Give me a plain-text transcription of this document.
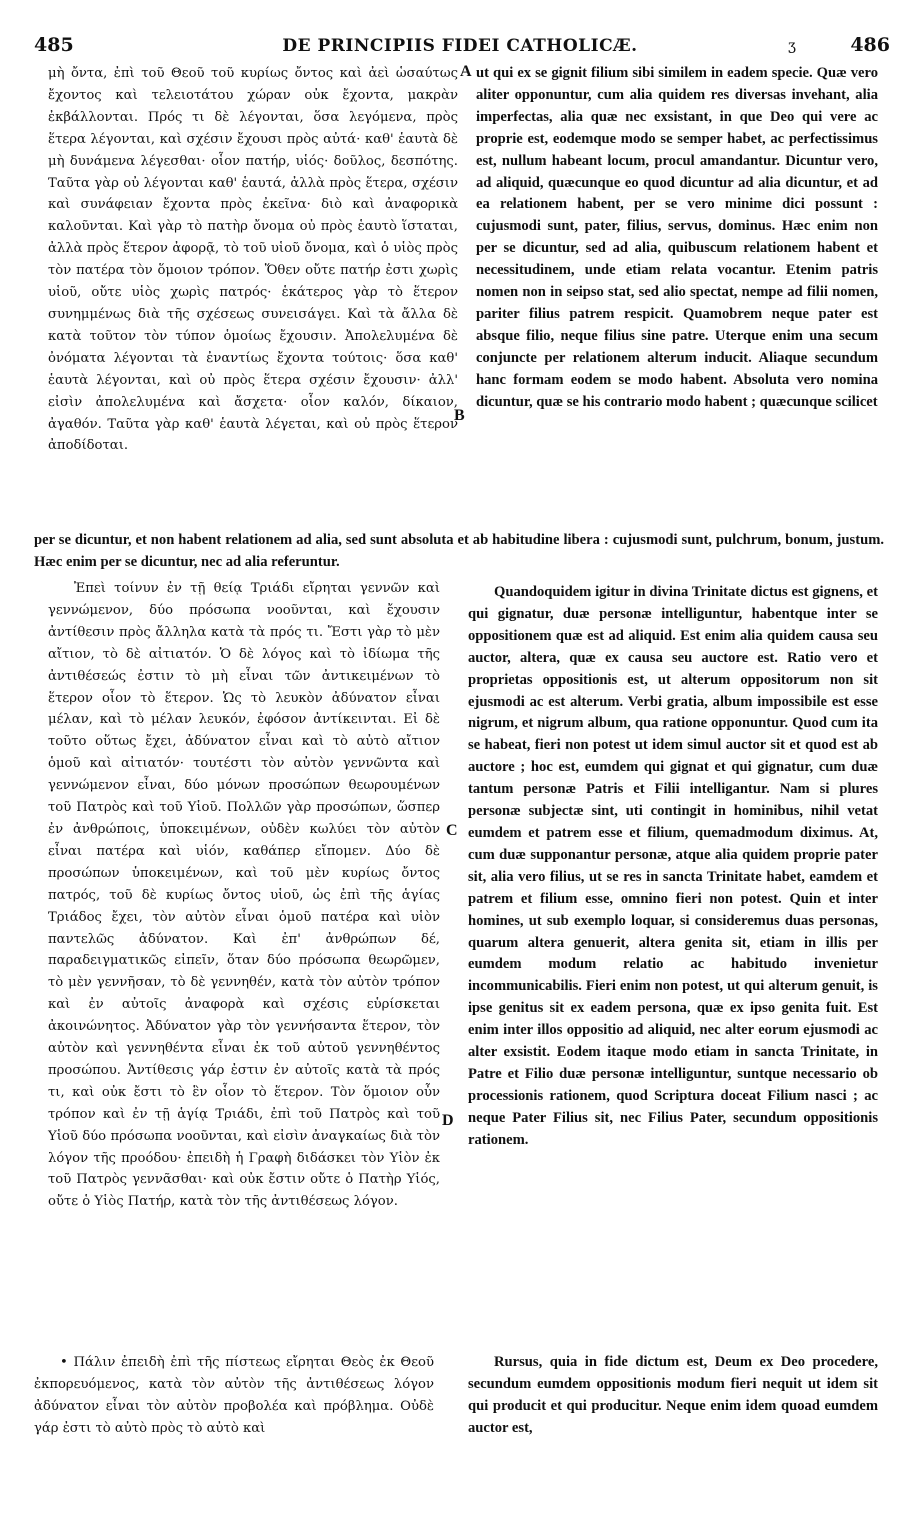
485	DE PRINCIPIIS FIDEI CATHOLICÆ.	486
ʒ

μὴ ὄντα, ἐπὶ τοῦ Θεοῦ τοῦ κυρίως ὄντος καὶ ἀεὶ ὡσαύτως ἔχοντος καὶ τελειοτάτου χώραν οὐκ ἔχοντα, μακρὰν ἐκβάλλονται. Πρός τι δὲ λέγονται, ὅσα λεγόμενα, πρὸς ἕτερα λέγονται, καὶ σχέσιν ἔχουσι πρὸς αὐτά· καθ' ἑαυτὰ δὲ μὴ δυνάμενα λέγεσθαι· οἷον πατήρ, υἱός· δοῦλος, δεσπότης. Ταῦτα γὰρ οὐ λέγονται καθ' ἑαυτά, ἀλλὰ πρὸς ἕτερα, σχέσιν καὶ συνάφειαν ἔχοντα πρὸς ἐκεῖνα· διὸ καὶ ἀναφορικὰ καλοῦνται. Καὶ γὰρ τὸ πατὴρ ὄνομα οὐ πρὸς ἑαυτὸ ἵσταται, ἀλλὰ πρὸς ἕτερον ἀφορᾷ, τὸ τοῦ υἱοῦ ὄνομα, καὶ ὁ υἱὸς πρὸς τὸν πατέρα τὸν ὅμοιον τρόπον. Ὅθεν οὔτε πατήρ ἐστι χωρὶς υἱοῦ, οὔτε υἱὸς χωρὶς πατρός· ἑκάτερος γὰρ τὸ ἕτερον συνημμένως διὰ τῆς σχέσεως συνεισάγει. Καὶ τὰ ἄλλα δὲ κατὰ τοῦτον τὸν τύπον ὁμοίως ἔχουσιν. Ἀπολελυμένα δὲ ὀνόματα λέγονται τὰ ἐναντίως ἔχοντα τούτοις· ὅσα καθ' ἑαυτὰ λέγονται, καὶ οὐ πρὸς ἕτερα σχέσιν ἔχουσιν· ἀλλ' εἰσὶν ἀπολελυμένα καὶ ἄσχετα· οἷον καλόν, δίκαιον, ἀγαθόν. Ταῦτα γὰρ καθ' ἑαυτὰ λέγεται, καὶ οὐ πρὸς ἕτερον ἀποδίδοται.

A
B

ut qui ex se gignit filium sibi similem in eadem specie. Quæ vero aliter opponuntur, cum alia quidem res diversas invehant, alia imperfectas, alia quæ nec exsistant, in que Deo qui vere ac proprie est, eodemque modo se semper habet, ac perfectissimus est, nullum habeant locum, procul amandantur. Dicuntur vero, ad aliquid, quæcunque eo quod dicuntur ad alia dicuntur, et ad ea relationem habent, per se vero minime dici possunt : cujusmodi sunt, pater, filius, servus, dominus. Hæc enim non per se dicuntur, sed ad alia, quibuscum relationem habent et necessitudinem, unde etiam relata vocantur. Etenim patris nomen non in seipso stat, sed alio spectat, nempe ad filii nomen, pariter filius patrem respicit. Quamobrem neque pater est absque filio, neque filius sine patre. Uterque enim una secum conjuncte per relationem alterum inducit. Aliaque secundum hanc formam eodem se modo habent. Absoluta vero nomina dicuntur, quæ se his contrario modo habent ; quæcunque scilicet

per se dicuntur, et non habent relationem ad alia, sed sunt absoluta et ab habitudine libera : cujusmodi sunt, pulchrum, bonum, justum. Hæc enim per se dicuntur, nec ad alia referuntur.

Ἐπεὶ τοίνυν ἐν τῇ θείᾳ Τριάδι εἴρηται γεννῶν καὶ γεννώμενον, δύο πρόσωπα νοοῦνται, καὶ ἔχουσιν ἀντίθεσιν πρὸς ἄλληλα κατὰ τὰ πρός τι. Ἔστι γὰρ τὸ μὲν αἴτιον, τὸ δὲ αἰτιατόν. Ὁ δὲ λόγος καὶ τὸ ἰδίωμα τῆς ἀντιθέσεώς ἐστιν τὸ μὴ εἶναι τῶν ἀντικειμένων τὸ ἕτερον οἷον τὸ ἕτερον. Ὡς τὸ λευκὸν ἀδύνατον εἶναι μέλαν, καὶ τὸ μέλαν λευκόν, ἐφόσον ἀντίκεινται. Εἰ δὲ τοῦτο οὕτως ἔχει, ἀδύνατον εἶναι καὶ τὸ αὐτὸ αἴτιον ὁμοῦ καὶ αἰτιατόν· τουτέστι τὸν αὐτὸν γεννῶντα καὶ γεννώμενον εἶναι, δύο μόνων προσώπων θεωρουμένων τοῦ Πατρὸς καὶ τοῦ Υἱοῦ. Πολλῶν γὰρ προσώπων, ὥσπερ ἐν ἀνθρώποις, ὑποκειμένων, οὐδὲν κωλύει τὸν αὐτὸν εἶναι πατέρα καὶ υἱόν, καθάπερ εἴπομεν. Δύο δὲ προσώπων ὑποκειμένων, καὶ τοῦ μὲν κυρίως ὄντος πατρός, τοῦ δὲ κυρίως ὄντος υἱοῦ, ὡς ἐπὶ τῆς ἁγίας Τριάδος ἔχει, τὸν αὐτὸν εἶναι ὁμοῦ πατέρα καὶ υἱὸν παντελῶς ἀδύνατον. Καὶ ἐπ' ἀνθρώπων δέ, παραδειγματικῶς εἰπεῖν, ὅταν δύο πρόσωπα θεωρῶμεν, τὸ μὲν γεννῆσαν, τὸ δὲ γεννηθέν, κατὰ τὸν αὐτὸν τρόπον καὶ ἐν αὐτοῖς ἀναφορὰ καὶ σχέσις εὑρίσκεται ἀκοινώνητος. Ἀδύνατον γὰρ τὸν γεννήσαντα ἕτερον, τὸν αὐτὸν καὶ γεννηθέντα εἶναι ἐκ τοῦ αὐτοῦ γεννηθέντος προσώπου. Ἀντίθεσις γάρ ἐστιν ἐν αὐτοῖς κατὰ τὰ πρός τι, καὶ οὐκ ἔστι τὸ ἓν οἷον τὸ ἕτερον. Τὸν ὅμοιον οὖν τρόπον καὶ ἐν τῇ ἁγίᾳ Τριάδι, ἐπὶ τοῦ Πατρὸς καὶ τοῦ Υἱοῦ δύο πρόσωπα νοοῦνται, καὶ εἰσὶν ἀναγκαίως διὰ τὸν λόγον τῆς προόδου· ἐπειδὴ ἡ Γραφὴ διδάσκει τὸν Υἱὸν ἐκ τοῦ Πατρὸς γεννᾶσθαι· καὶ οὐκ ἔστιν οὔτε ὁ Πατὴρ Υἱός, οὔτε ὁ Υἱὸς Πατήρ, κατὰ τὸν τῆς ἀντιθέσεως λόγον.

C
D

Quandoquidem igitur in divina Trinitate dictus est gignens, et qui gignatur, duæ personæ intelliguntur, habentque inter se oppositionem quæ est ad aliquid. Est enim alia quidem causa seu auctor, altera, quæ ex causa seu auctore est. Ratio vero et proprietas oppositionis est, ut alterum oppositorum non sit ejusmodi ac est alterum. Verbi gratia, album impossibile est esse nigrum, et nigrum album, qua ratione opponuntur. Quod cum ita se habeat, fieri non potest ut idem simul auctor sit et quod est ab auctore ; hoc est, eumdem qui gignat et qui gignatur, cum duæ tantum personæ Patris et Filii intelligantur. Nam si plures personæ subjectæ sint, uti contingit in hominibus, nihil vetat eumdem et patrem esse et filium, quemadmodum diximus. At, cum duæ supponantur personæ, atque alia quidem proprie pater sit, alia vero filius, ut se res in sancta Trinitate habet, eamdem et patrem et filium esse, omnino fieri non potest. Quin et inter homines, ut sub exemplo loquar, si consideremus duas personas, quarum altera genuerit, altera genita sit, etiam in illis per eumdem modum relatio ac habitudo invenietur incommunicabilis. Fieri enim non potest, ut qui alterum genuit, is ipse genitus sit ex eadem persona, quæ ex ipso genita fuit. Est enim inter illos oppositio ad aliquid, nec alter eorum ejusmodi ac alter exsistit. Eodem itaque modo etiam in sancta Trinitate, in Patre et Filio duæ personæ intelliguntur, suntque necessario ob processionis rationem, quod Scriptura doceat Filium nasci ; ac neque Pater Filius sit, nec Filius Pater, secundum oppositionis rationem.

• Πάλιν ἐπειδὴ ἐπὶ τῆς πίστεως εἴρηται Θεὸς ἐκ Θεοῦ ἐκπορευόμενος, κατὰ τὸν αὐτὸν τῆς ἀντιθέσεως λόγον ἀδύνατον εἶναι τὸν αὐτὸν προβολέα καὶ πρόβλημα. Οὐδὲ γάρ ἐστι τὸ αὐτὸ πρὸς τὸ αὐτὸ καὶ

Rursus, quia in fide dictum est, Deum ex Deo procedere, secundum eumdem oppositionis modum fieri nequit ut idem sit qui producit et qui producitur. Neque enim idem quoad eumdem auctor est,
